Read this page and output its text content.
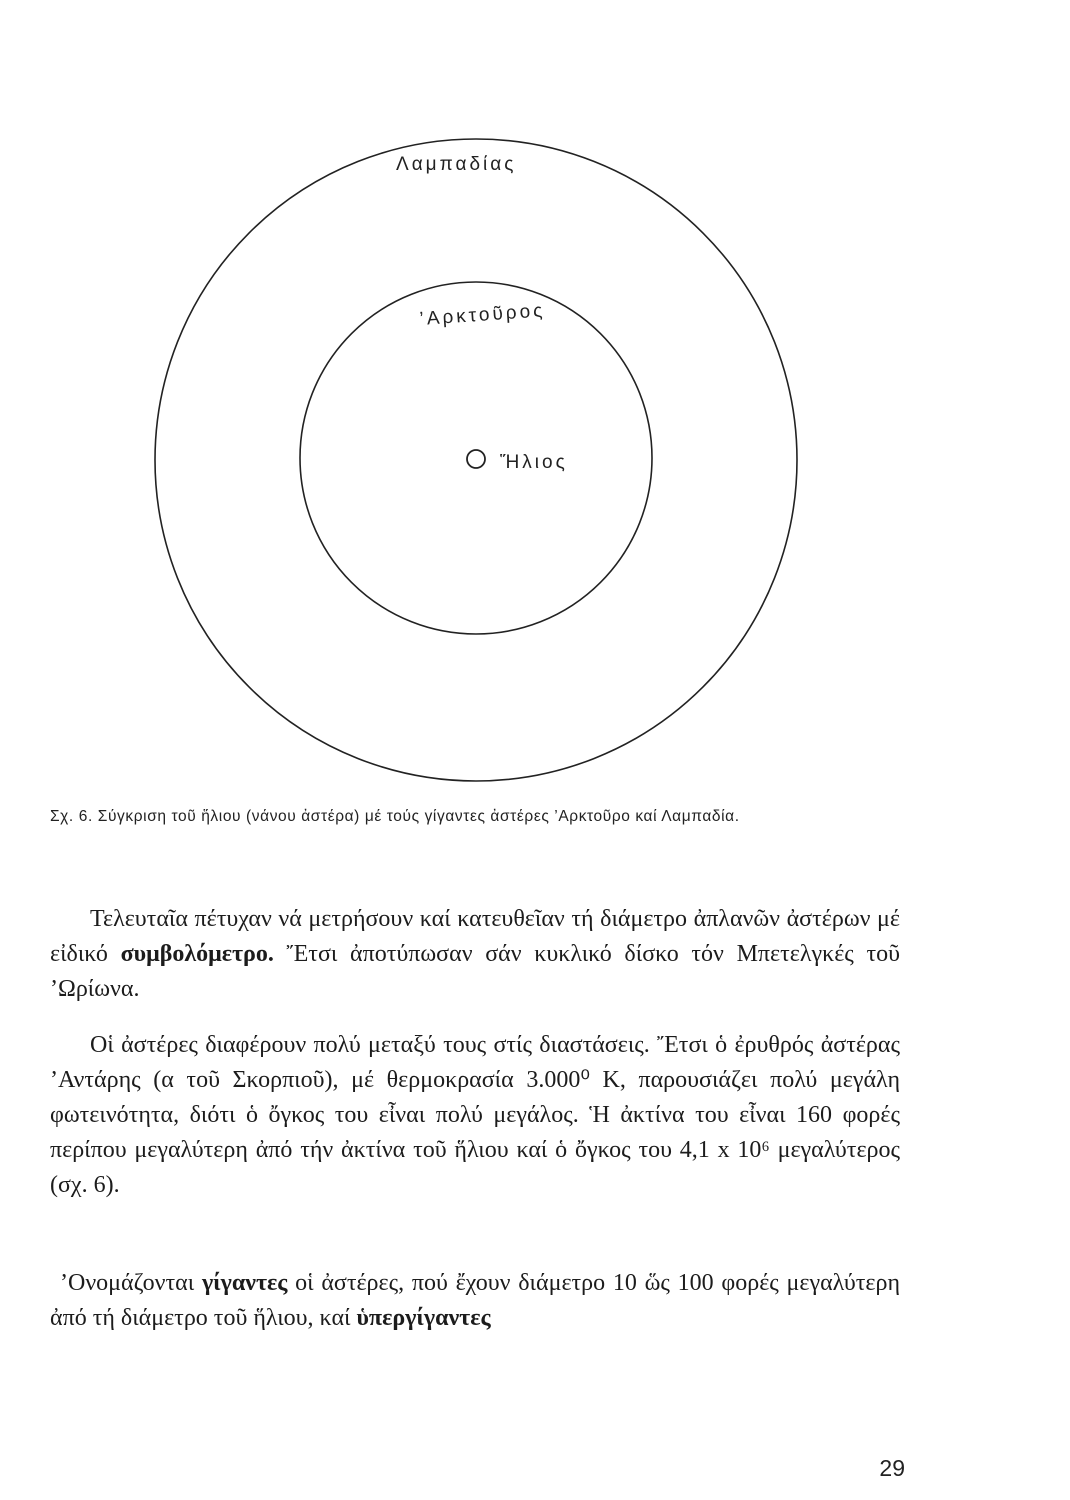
Λαμπαδίας
’Αρκτοῦρος
Ἥλιος
Σχ. 6. Σύγκριση τοῦ ἥλιου (νάνου ἀστέρα) μέ τούς γίγαντες ἀστέρες ’Αρκτοῦρο καί Λαμπαδία.

Τελευταῖα πέτυχαν νά μετρήσουν καί κατευθεῖαν τή διάμετρο ἀπλανῶν ἀστέρων μέ εἰδικό συμβολόμετρο. Ἔτσι ἀποτύπωσαν σάν κυκλικό δίσκο τόν Μπετελγκές τοῦ ’Ωρίωνα.

Οἱ ἀστέρες διαφέρουν πολύ μεταξύ τους στίς διαστάσεις. Ἔτσι ὁ ἐρυθρός ἀστέρας ’Αντάρης (α τοῦ Σκορπιοῦ), μέ θερμοκρασία 3.000⁰ Κ, παρουσιάζει πολύ μεγάλη φωτεινότητα, διότι ὁ ὄγκος του εἶναι πολύ μεγάλος. Ἡ ἀκτίνα του εἶναι 160 φορές περίπου μεγαλύτερη ἀπό τήν ἀκτίνα τοῦ ἥλιου καί ὁ ὄγκος του 4,1 x 10⁶ μεγαλύτερος (σχ. 6).

’Ονομάζονται γίγαντες οἱ ἀστέρες, πού ἔχουν διάμετρο 10 ὥς 100 φορές μεγαλύτερη ἀπό τή διάμετρο τοῦ ἥλιου, καί ὑπεργίγαντες

29
